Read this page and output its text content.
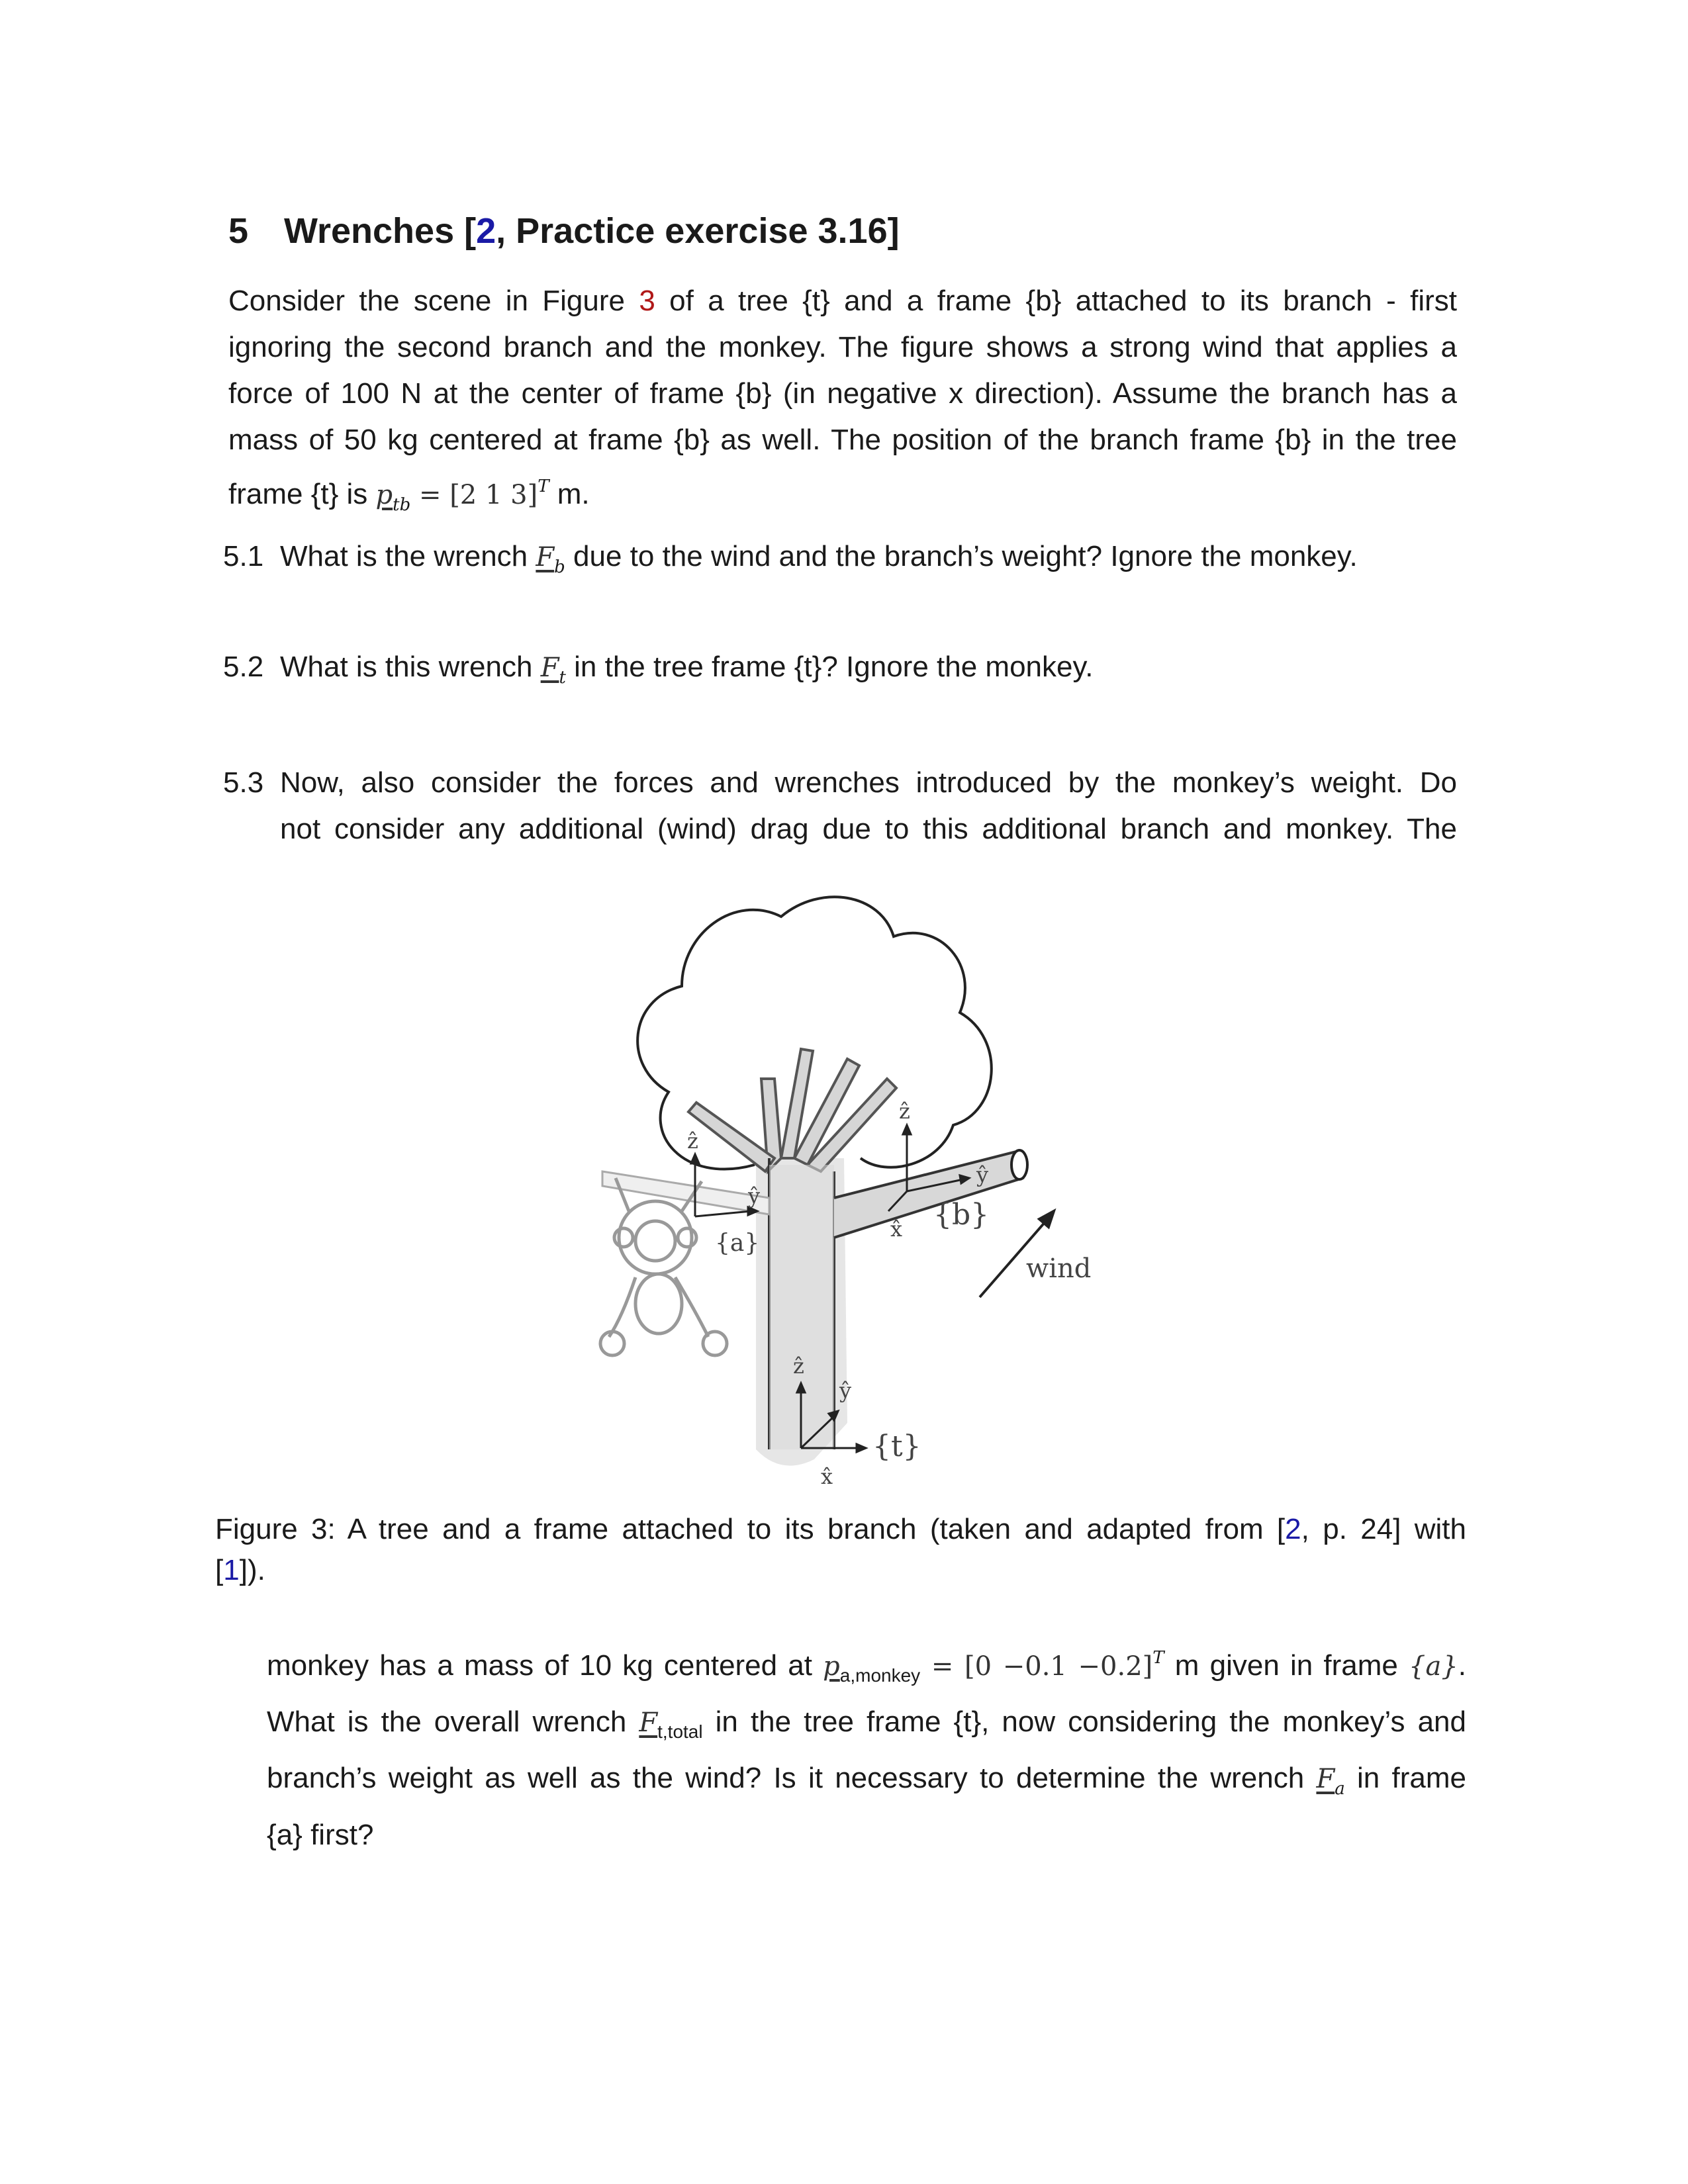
5 Wrenches [2, Practice exercise 3.16]

Consider the scene in Figure 3 of a tree {t} and a frame {b} attached to its branch - first

ignoring the second branch and the monkey. The figure shows a strong wind that applies a

force of 100 N at the center of frame {b} (in negative x direction). Assume the branch has a

mass of 50 kg centered at frame {b} as well. The position of the branch frame {b} in the tree

frame {t} is $p_{tb} = [2$ 1 3]$^T$ m.

5.1 What is the wrench $F_b$ due to the wind and the branch’s weight? Ignore the monkey.
5.2 What is this wrench $F_t$ in the tree frame {t}? Ignore the monkey.

5.3 Now, also consider the forces and wrenches introduced by the monkey’s weight. Do

not consider any additional (wind) drag due to this additional branch and monkey. The

ẑ
ŷ
x̂ {b}
wind
ẑ
ŷ
{a}
ẑ
ŷ
x̂
{t}
Figure 3: A tree and a frame attached to its branch (taken and adapted from [2, p. 24] with
[1]).

monkey has a mass of 10 kg centered at $p_{a,monkey} = [0 -0.1 -0.2]^T$ m given in frame {a}.

What is the overall wrench $F_{t,total}$ in the tree frame {t}, now considering the monkey’s and

branch’s weight as well as the wind? Is it necessary to determine the wrench $F_a$ in frame

{a} first?
